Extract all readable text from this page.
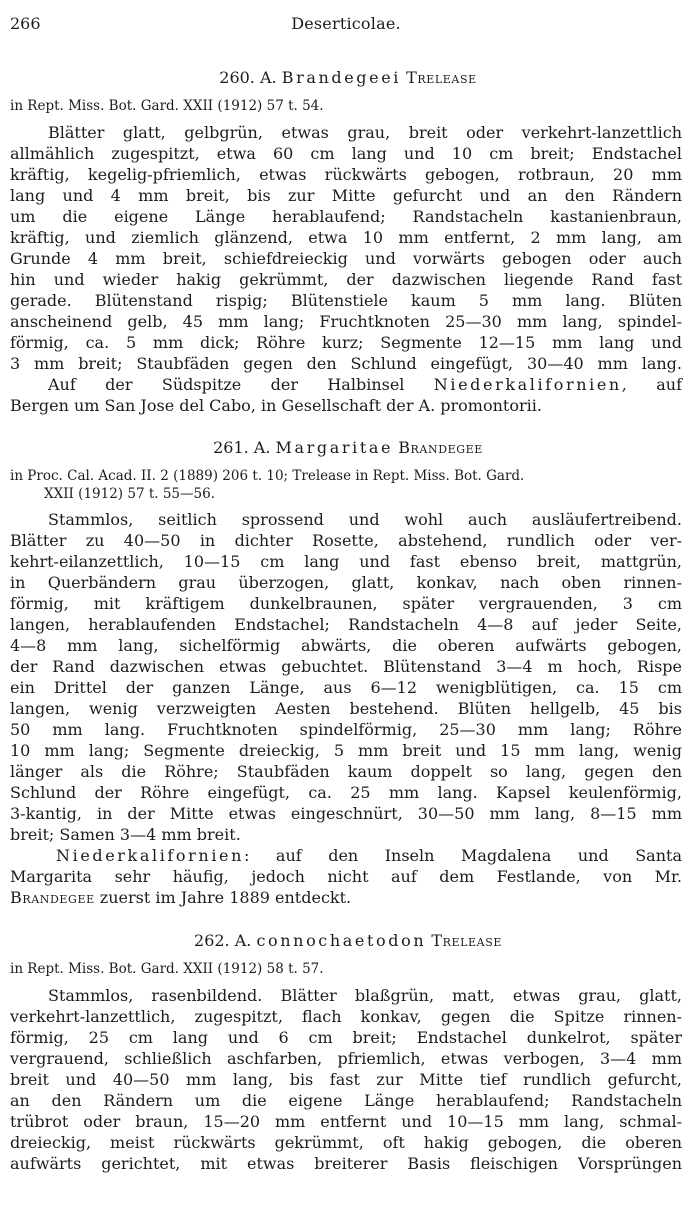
266	Deserticolae.
260. A. Brandegeei Trelease
in Rept. Miss. Bot. Gard. XXII (1912) 57 t. 54.
Blätter glatt, gelbgrün, etwas grau, breit oder verkehrt-lanzettlich
allmählich zugespitzt, etwa 60 cm lang und 10 cm breit; Endstachel
kräftig, kegelig-pfriemlich, etwas rückwärts gebogen, rotbraun, 20 mm
lang und 4 mm breit, bis zur Mitte gefurcht und an den Rändern
um die eigene Länge herablaufend; Randstacheln kastanienbraun,
kräftig, und ziemlich glänzend, etwa 10 mm entfernt, 2 mm lang, am
Grunde 4 mm breit, schiefdreieckig und vorwärts gebogen oder auch
hin und wieder hakig gekrümmt, der dazwischen liegende Rand fast
gerade. Blütenstand rispig; Blütenstiele kaum 5 mm lang. Blüten
anscheinend gelb, 45 mm lang; Fruchtknoten 25—30 mm lang, spindel-
förmig, ca. 5 mm dick; Röhre kurz; Segmente 12—15 mm lang und
3 mm breit; Staubfäden gegen den Schlund eingefügt, 30—40 mm lang.
Auf der Südspitze der Halbinsel Niederkalifornien, auf
Bergen um San Jose del Cabo, in Gesellschaft der A. promontorii.
261. A. Margaritae Brandegee
in Proc. Cal. Acad. II. 2 (1889) 206 t. 10; Trelease in Rept. Miss. Bot. Gard.
XXII (1912) 57 t. 55—56.
Stammlos, seitlich sprossend und wohl auch ausläufertreibend.
Blätter zu 40—50 in dichter Rosette, abstehend, rundlich oder ver-
kehrt-eilanzettlich, 10—15 cm lang und fast ebenso breit, mattgrün,
in Querbändern grau überzogen, glatt, konkav, nach oben rinnen-
förmig, mit kräftigem dunkelbraunen, später vergrauenden, 3 cm
langen, herablaufenden Endstachel; Randstacheln 4—8 auf jeder Seite,
4—8 mm lang, sichelförmig abwärts, die oberen aufwärts gebogen,
der Rand dazwischen etwas gebuchtet. Blütenstand 3—4 m hoch, Rispe
ein Drittel der ganzen Länge, aus 6—12 wenigblütigen, ca. 15 cm
langen, wenig verzweigten Aesten bestehend. Blüten hellgelb, 45 bis
50 mm lang. Fruchtknoten spindelförmig, 25—30 mm lang; Röhre
10 mm lang; Segmente dreieckig, 5 mm breit und 15 mm lang, wenig
länger als die Röhre; Staubfäden kaum doppelt so lang, gegen den
Schlund der Röhre eingefügt, ca. 25 mm lang. Kapsel keulenförmig,
3-kantig, in der Mitte etwas eingeschnürt, 30—50 mm lang, 8—15 mm
breit; Samen 3—4 mm breit.
Niederkalifornien: auf den Inseln Magdalena und Santa
Margarita sehr häufig, jedoch nicht auf dem Festlande, von Mr.
Brandegee zuerst im Jahre 1889 entdeckt.
262. A. connochaetodon Trelease
in Rept. Miss. Bot. Gard. XXII (1912) 58 t. 57.
Stammlos, rasenbildend. Blätter blaßgrün, matt, etwas grau, glatt,
verkehrt-lanzettlich, zugespitzt, flach konkav, gegen die Spitze rinnen-
förmig, 25 cm lang und 6 cm breit; Endstachel dunkelrot, später
vergrauend, schließlich aschfarben, pfriemlich, etwas verbogen, 3—4 mm
breit und 40—50 mm lang, bis fast zur Mitte tief rundlich gefurcht,
an den Rändern um die eigene Länge herablaufend; Randstacheln
trübrot oder braun, 15—20 mm entfernt und 10—15 mm lang, schmal-
dreieckig, meist rückwärts gekrümmt, oft hakig gebogen, die oberen
aufwärts gerichtet, mit etwas breiterer Basis fleischigen Vorsprüngen
